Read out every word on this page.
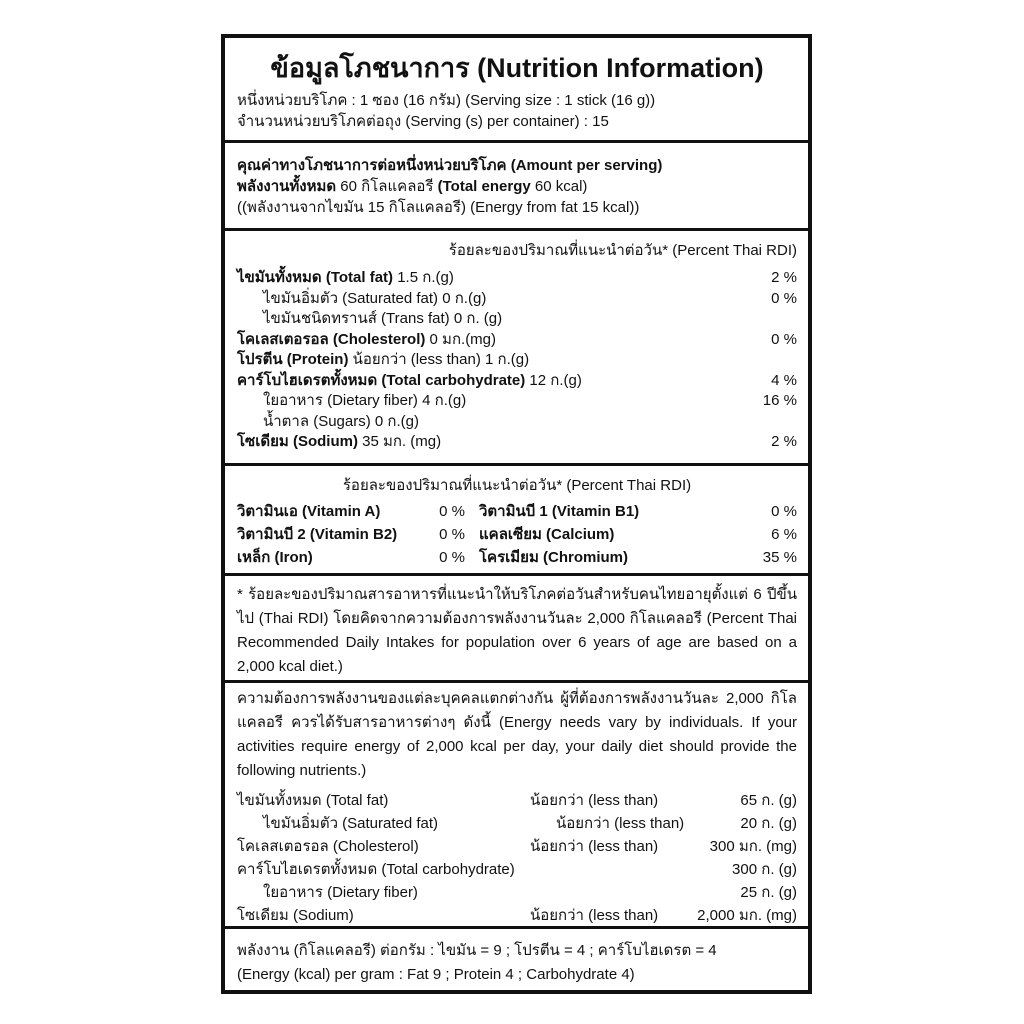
ข้อมูลโภชนาการ (Nutrition Information)
หนึ่งหน่วยบริโภค : 1 ซอง (16 กรัม) (Serving size : 1 stick (16 g))
จำนวนหน่วยบริโภคต่อถุง (Serving (s) per container) : 15
คุณค่าทางโภชนาการต่อหนึ่งหน่วยบริโภค (Amount per serving)
พลังงานทั้งหมด 60 กิโลแคลอรี (Total energy 60 kcal)
((พลังงานจากไขมัน 15 กิโลแคลอรี) (Energy from fat 15 kcal))
ร้อยละของปริมาณที่แนะนำต่อวัน* (Percent Thai RDI)
ไขมันทั้งหมด (Total fat) 1.5 ก.(g)	2 %
ไขมันอิ่มตัว (Saturated fat) 0 ก.(g)	0 %
ไขมันชนิดทรานส์ (Trans fat) 0 ก. (g)
โคเลสเตอรอล (Cholesterol) 0 มก.(mg)	0 %
โปรตีน (Protein) น้อยกว่า (less than) 1 ก.(g)
คาร์โบไฮเดรตทั้งหมด (Total carbohydrate) 12 ก.(g)	4 %
ใยอาหาร (Dietary fiber) 4 ก.(g)	16 %
น้ำตาล (Sugars) 0 ก.(g)
โซเดียม (Sodium) 35 มก. (mg)	2 %
ร้อยละของปริมาณที่แนะนำต่อวัน* (Percent Thai RDI)
วิตามินเอ (Vitamin A)	0 % วิตามินบี 1 (Vitamin B1)	0 %
วิตามินบี 2 (Vitamin B2)	0 % แคลเซียม (Calcium)	6 %
เหล็ก (Iron)	0 % โครเมียม (Chromium)	35 %
* ร้อยละของปริมาณสารอาหารที่แนะนำให้บริโภคต่อวันสำหรับคนไทยอายุตั้งแต่ 6 ปีขึ้นไป (Thai RDI) โดยคิดจากความต้องการพลังงานวันละ 2,000 กิโลแคลอรี (Percent Thai Recommended Daily Intakes for population over 6 years of age are based on a 2,000 kcal diet.)
ความต้องการพลังงานของแต่ละบุคคลแตกต่างกัน ผู้ที่ต้องการพลังงานวันละ 2,000 กิโลแคลอรี ควรได้รับสารอาหารต่างๆ ดังนี้ (Energy needs vary by individuals. If your activities require energy of 2,000 kcal per day, your daily diet should provide the following nutrients.)
ไขมันทั้งหมด (Total fat)	น้อยกว่า (less than)	65 ก. (g)
ไขมันอิ่มตัว (Saturated fat)	น้อยกว่า (less than)	20 ก. (g)
โคเลสเตอรอล (Cholesterol)	น้อยกว่า (less than)	300 มก. (mg)
คาร์โบไฮเดรตทั้งหมด (Total carbohydrate)	300 ก. (g)
ใยอาหาร (Dietary fiber)	25 ก. (g)
โซเดียม (Sodium)	น้อยกว่า (less than)	2,000 มก. (mg)
พลังงาน (กิโลแคลอรี) ต่อกรัม : ไขมัน = 9 ; โปรตีน = 4 ; คาร์โบไฮเดรต = 4
(Energy (kcal) per gram : Fat 9 ; Protein 4 ; Carbohydrate 4)
